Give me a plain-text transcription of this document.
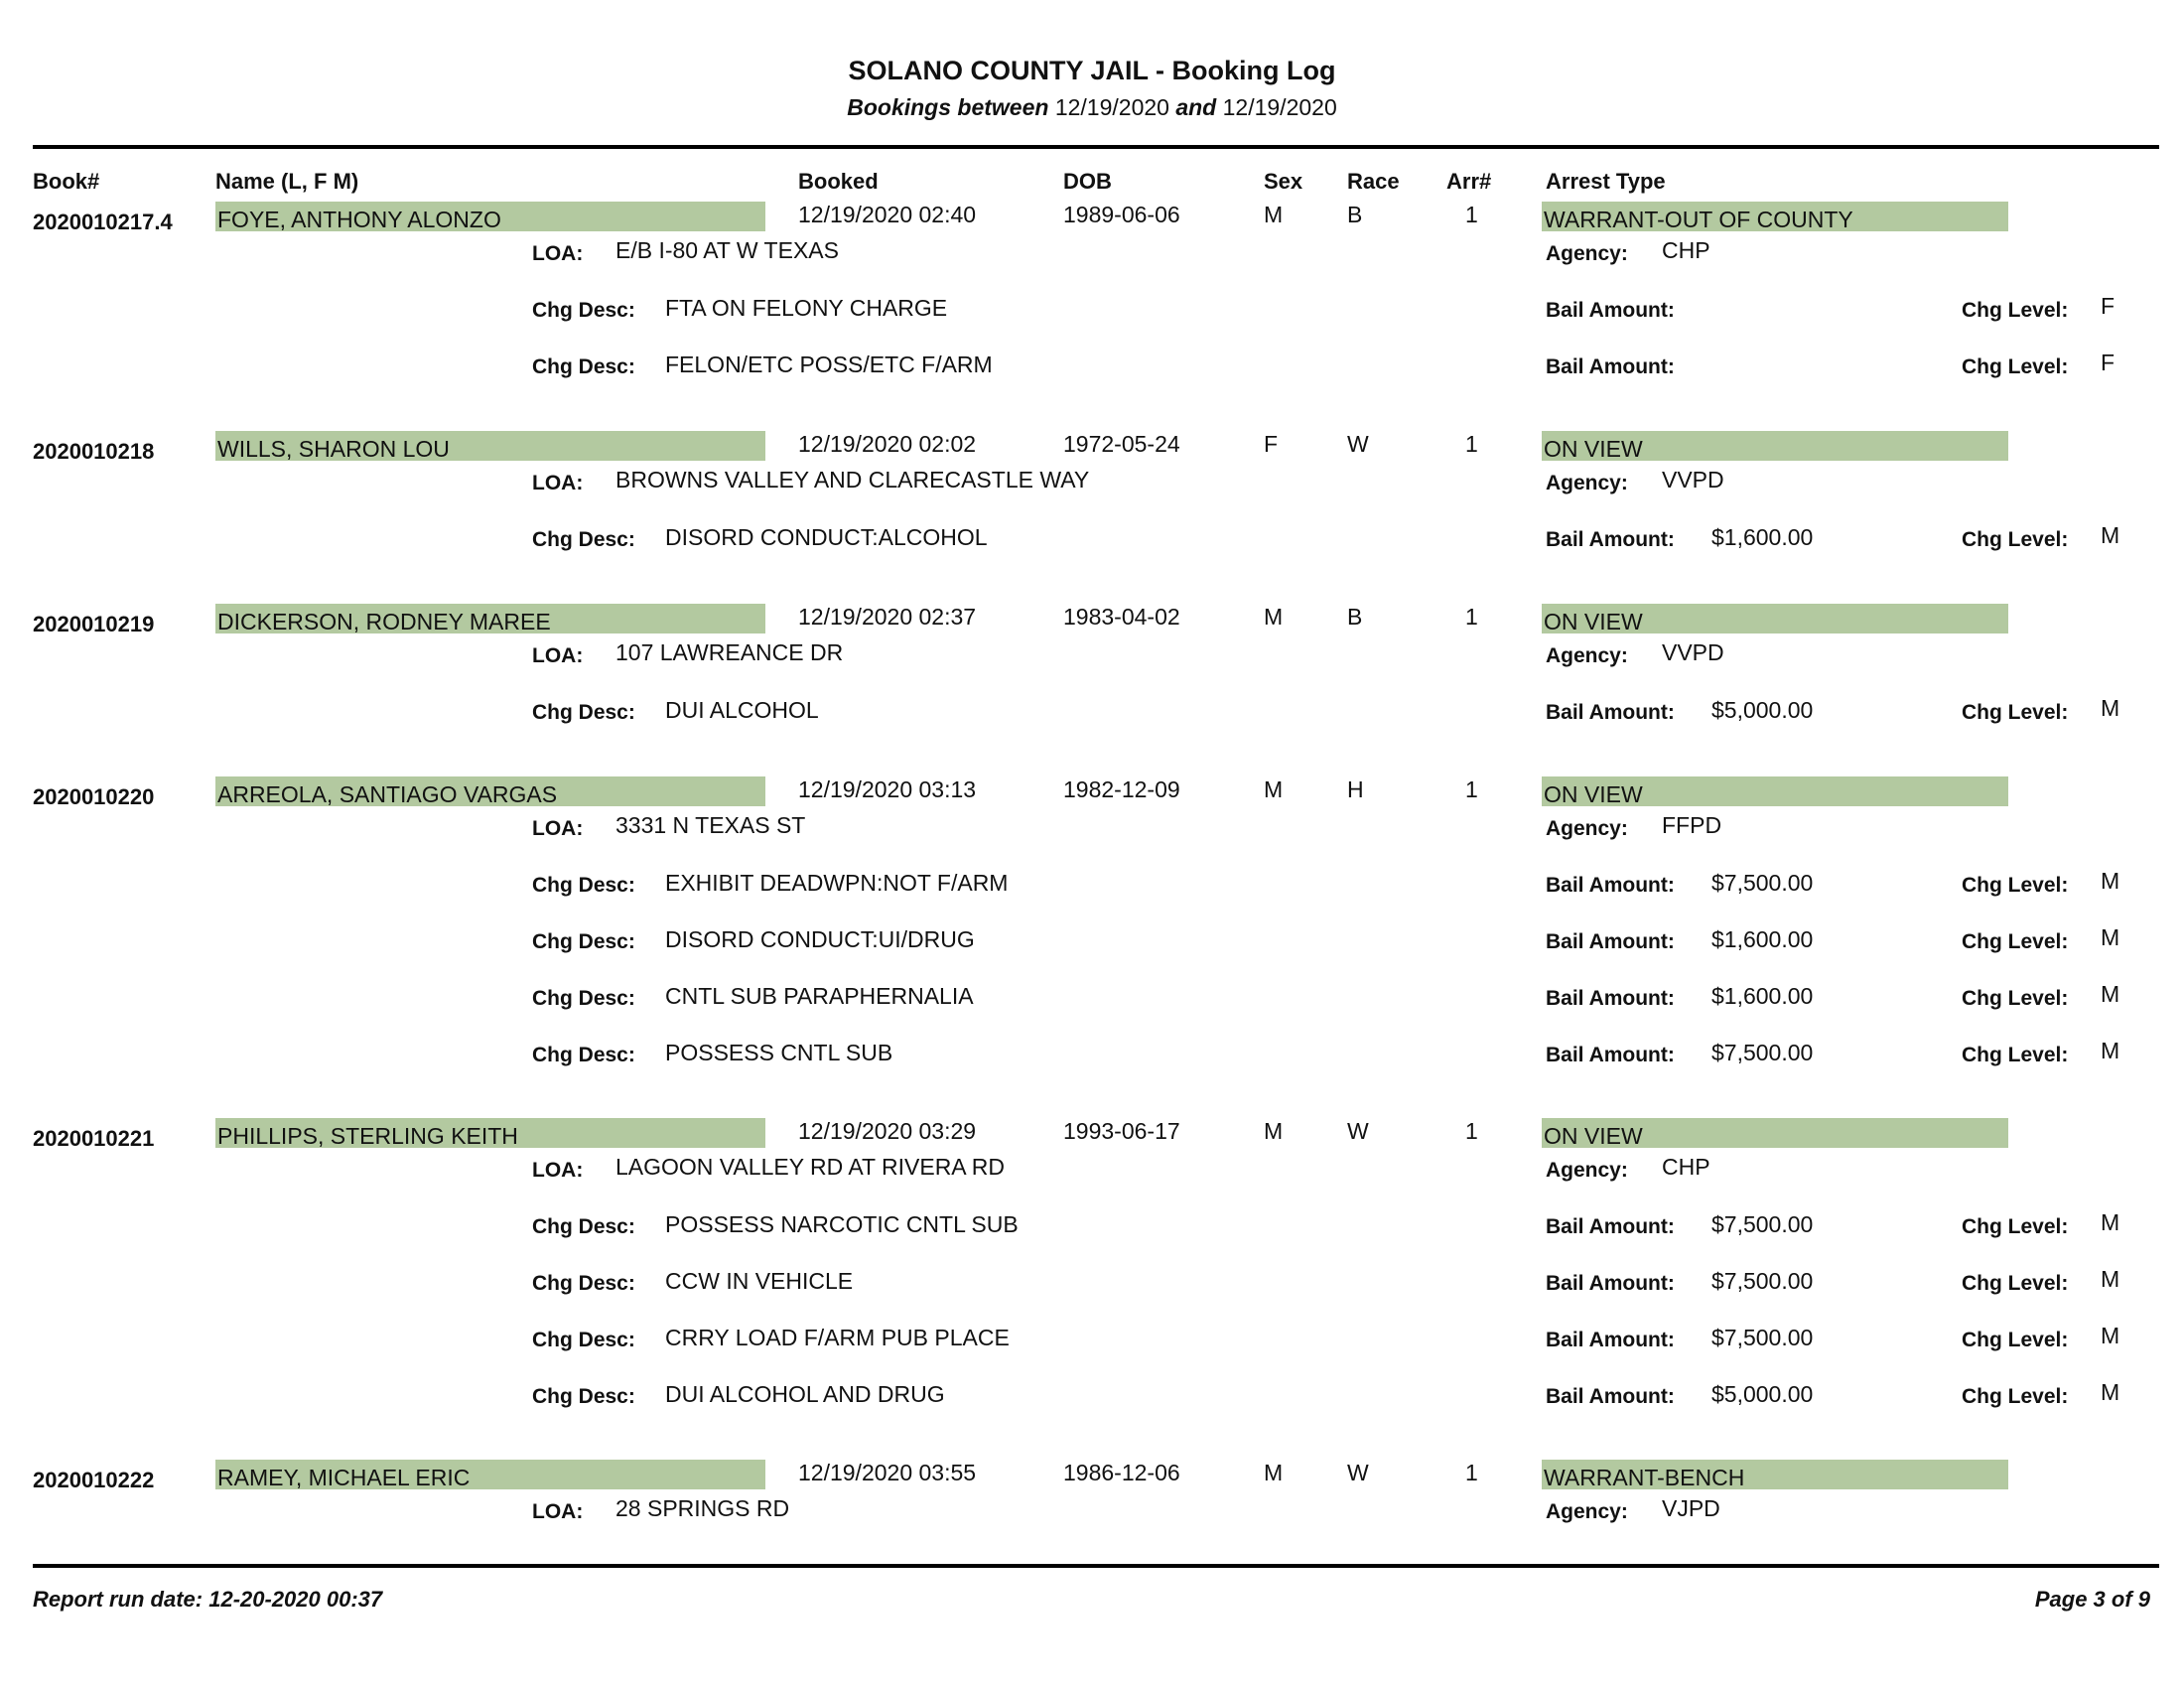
SOLANO COUNTY JAIL - Booking Log
Bookings between 12/19/2020 and 12/19/2020
Book#	Name (L, F M)	Booked	DOB	Sex Race Arr# Arrest Type
2020010217.4 FOYE, ANTHONY ALONZO	12/19/2020 02:40	1989-06-06	M	B	1	WARRANT-OUT OF COUNTY
LOA: E/B I-80 AT W TEXAS	Agency: CHP
Chg Desc: FTA ON FELONY CHARGE	Bail Amount:	Chg Level: F
Chg Desc: FELON/ETC POSS/ETC F/ARM	Bail Amount:	Chg Level: F
2020010218	WILLS, SHARON LOU	12/19/2020 02:02	1972-05-24	F	W	1	ON VIEW
LOA: BROWNS VALLEY AND CLARECASTLE WAY	Agency: VVPD
Chg Desc: DISORD CONDUCT:ALCOHOL	Bail Amount: $1,600.00	Chg Level: M
2020010219	DICKERSON, RODNEY MAREE	12/19/2020 02:37	1983-04-02	M	B	1	ON VIEW
LOA: 107 LAWREANCE DR	Agency: VVPD
Chg Desc: DUI ALCOHOL	Bail Amount: $5,000.00	Chg Level: M
2020010220	ARREOLA, SANTIAGO VARGAS	12/19/2020 03:13	1982-12-09	M	H	1	ON VIEW
LOA: 3331 N TEXAS ST	Agency: FFPD
Chg Desc: EXHIBIT DEADWPN:NOT F/ARM	Bail Amount: $7,500.00	Chg Level: M
Chg Desc: DISORD CONDUCT:UI/DRUG	Bail Amount: $1,600.00	Chg Level: M
Chg Desc: CNTL SUB PARAPHERNALIA	Bail Amount: $1,600.00	Chg Level: M
Chg Desc: POSSESS CNTL SUB	Bail Amount: $7,500.00	Chg Level: M
2020010221	PHILLIPS, STERLING KEITH	12/19/2020 03:29	1993-06-17	M	W	1	ON VIEW
LOA: LAGOON VALLEY RD AT RIVERA RD	Agency: CHP
Chg Desc: POSSESS NARCOTIC CNTL SUB	Bail Amount: $7,500.00	Chg Level: M
Chg Desc: CCW IN VEHICLE	Bail Amount: $7,500.00	Chg Level: M
Chg Desc: CRRY LOAD F/ARM PUB PLACE	Bail Amount: $7,500.00	Chg Level: M
Chg Desc: DUI ALCOHOL AND DRUG	Bail Amount: $5,000.00	Chg Level: M
2020010222	RAMEY, MICHAEL ERIC	12/19/2020 03:55	1986-12-06	M	W	1	WARRANT-BENCH
LOA: 28 SPRINGS RD	Agency: VJPD
Report run date: 12-20-2020 00:37	Page 3 of 9
